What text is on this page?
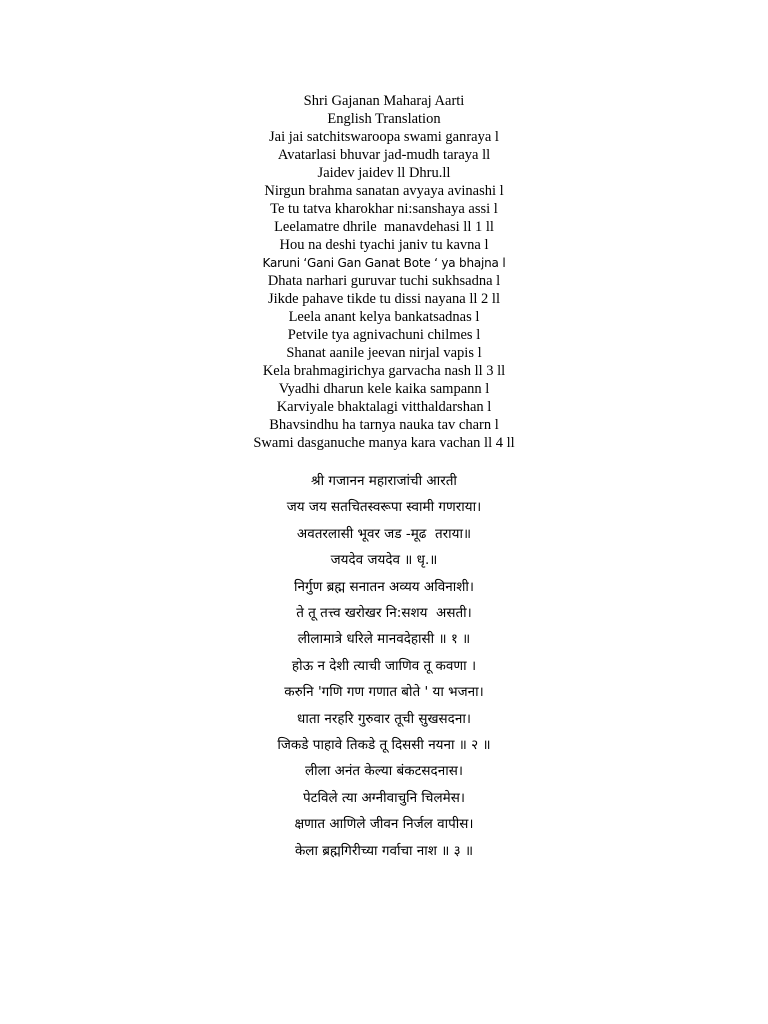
Shri Gajanan Maharaj Aarti
English Translation
Jai jai satchitswaroopa swami ganraya l
Avatarlasi bhuvar jad-mudh taraya ll
Jaidev jaidev ll Dhru.ll
Nirgun brahma sanatan avyaya avinashi l
Te tu tatva kharokhar ni:sanshaya assi l
Leelamatre dhrile  manavdehasi ll 1 ll
Hou na deshi tyachi janiv tu kavna l
Karuni ‘Gani Gan Ganat Bote ‘ ya bhajna l
Dhata narhari guruvar tuchi sukhsadna l
Jikde pahave tikde tu dissi nayana ll 2 ll
Leela anant kelya bankatsadnas l
Petvile tya agnivachuni chilmes l
Shanat aanile jeevan nirjal vapis l
Kela brahmagirichya garvacha nash ll 3 ll
Vyadhi dharun kele kaika sampann l
Karviyale bhaktalagi vitthaldarshan l
Bhavsindhu ha tarnya nauka tav charn l
Swami dasganuche manya kara vachan ll 4 ll
श्री गजानन महाराजांची आरती
जय जय सतचितस्वरूपा स्वामी गणराया।
अवतरलासी भूवर जड -मूढ  तराया॥
जयदेव जयदेव ॥ धृ.॥
निर्गुण ब्रह्म सनातन अव्यय अविनाशी।
ते तू तत्त्व खरोखर नि:सशय  असती।
लीलामात्रे धरिले मानवदेहासी ॥ १ ॥
होऊ न देशी त्याची जाणिव तू कवणा ।
करुनि 'गणि गण गणात बोते ' या भजना।
धाता नरहरि गुरुवार तूची सुखसदना।
जिकडे पाहावे तिकडे तू दिससी नयना ॥ २ ॥
लीला अनंत केल्या बंकटसदनास।
पेटविले त्या अग्नीवाचुनि चिलमेस।
क्षणात आणिले जीवन निर्जल वापीस।
केला ब्रह्मगिरीच्या गर्वाचा नाश ॥ ३ ॥
